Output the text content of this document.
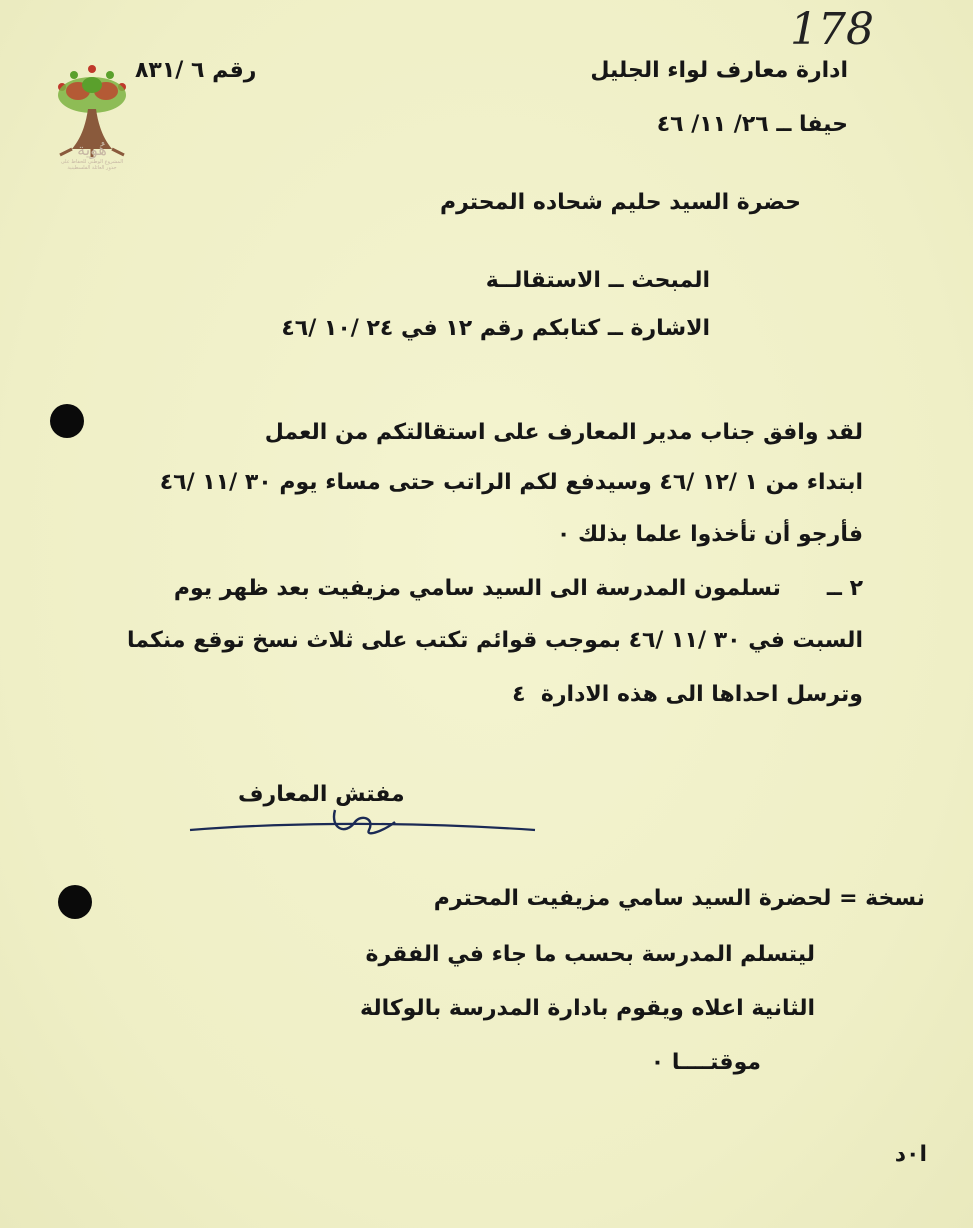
178
هُوية
المشروع الوطني للحفاظ على
جذور العائلة الفلسطينية
ادارة معارف لواء الجليل
حيفا ــ ٢٦/ ١١/ ٤٦
رقم ٦ /٨٣١
حضرة السيد حليم شحاده المحترم
المبحث ــ الاستقالــة
الاشارة ــ كتابكم رقم ١٢ في ٢٤ /١٠ /٤٦
لقد وافق جناب مدير المعارف على استقالتكم من العمل
ابتداء من ١ /١٢ /٤٦ وسيدفع لكم الراتب حتى مساء يوم ٣٠ /١١ /٤٦
فأرجو أن تأخذوا علما بذلك ٠
٢ ــ      تسلمون المدرسة الى السيد سامي مزيفيت بعد ظهر يوم
السبت في ٣٠ /١١ /٤٦ بموجب قوائم تكتب على ثلاث نسخ توقع منكما
وترسل احداها الى هذه الادارة  ٤
مفتش المعارف
نسخة = لحضرة السيد سامي مزيفيت المحترم
ليتسلم المدرسة بحسب ما جاء في الفقرة
الثانية اعلاه ويقوم بادارة المدرسة بالوكالة
موقتــــا ٠
ا٠د
